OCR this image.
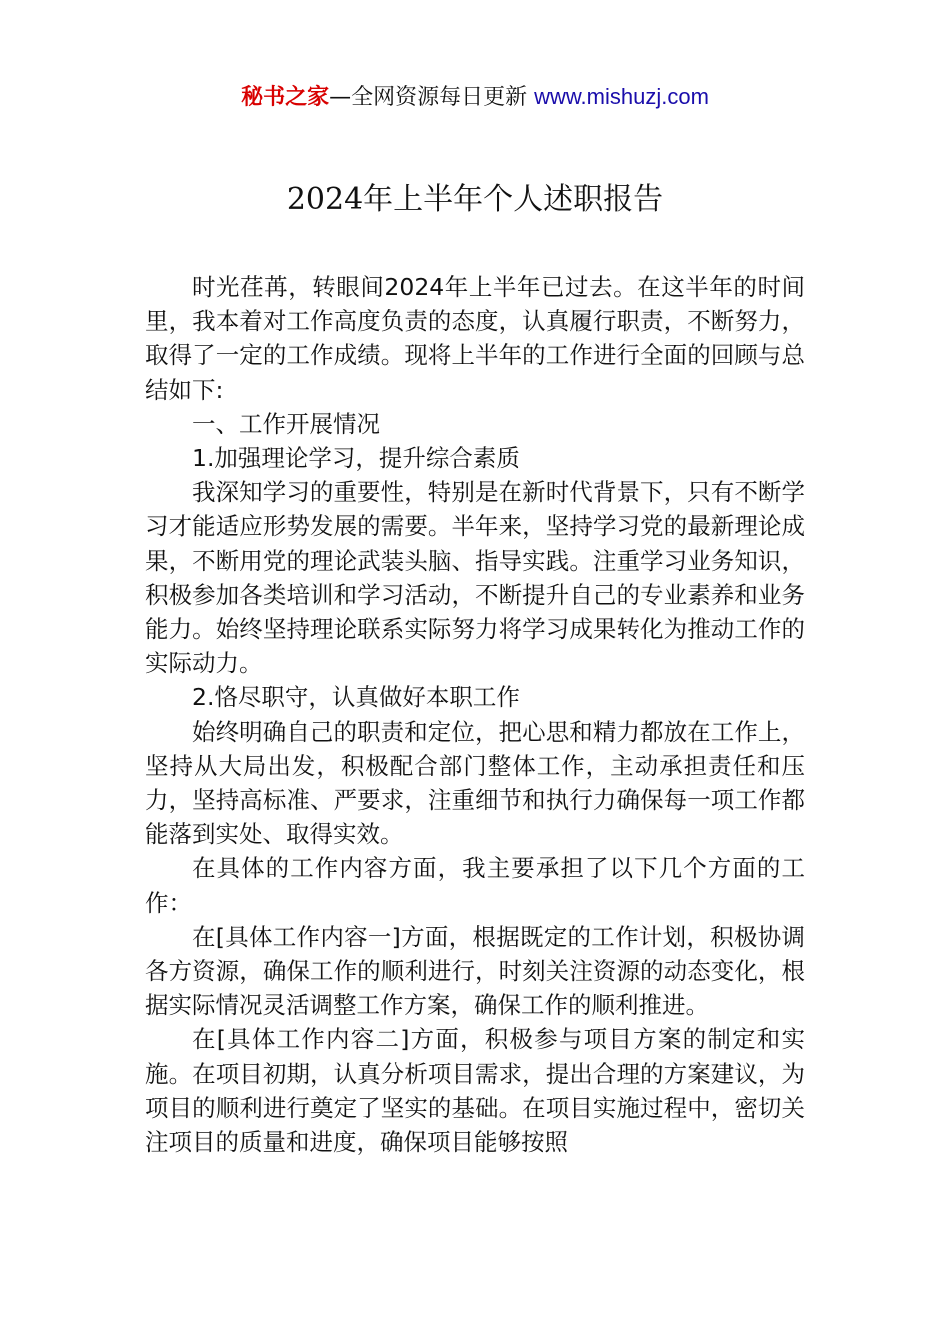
秘书之家—全网资源每日更新 www.mishuzj.com
2024年上半年个人述职报告

时光荏苒，转眼间2024年上半年已过去。在这半年的时间里，我本着对工作高度负责的态度，认真履行职责，不断努力，取得了一定的工作成绩。现将上半年的工作进行全面的回顾与总结如下:

一、工作开展情况

1.加强理论学习，提升综合素质

我深知学习的重要性，特别是在新时代背景下，只有不断学习才能适应形势发展的需要。半年来，坚持学习党的最新理论成果，不断用党的理论武装头脑、指导实践。注重学习业务知识，积极参加各类培训和学习活动，不断提升自己的专业素养和业务能力。始终坚持理论联系实际努力将学习成果转化为推动工作的实际动力。

2.恪尽职守，认真做好本职工作

始终明确自己的职责和定位，把心思和精力都放在工作上，坚持从大局出发，积极配合部门整体工作，主动承担责任和压力，坚持高标准、严要求，注重细节和执行力确保每一项工作都能落到实处、取得实效。

在具体的工作内容方面，我主要承担了以下几个方面的工作：

在[具体工作内容一]方面，根据既定的工作计划，积极协调各方资源，确保工作的顺利进行，时刻关注资源的动态变化，根据实际情况灵活调整工作方案，确保工作的顺利推进。

在[具体工作内容二]方面，积极参与项目方案的制定和实施。在项目初期，认真分析项目需求，提出合理的方案建议，为项目的顺利进行奠定了坚实的基础。在项目实施过程中，密切关注项目的质量和进度，确保项目能够按照
